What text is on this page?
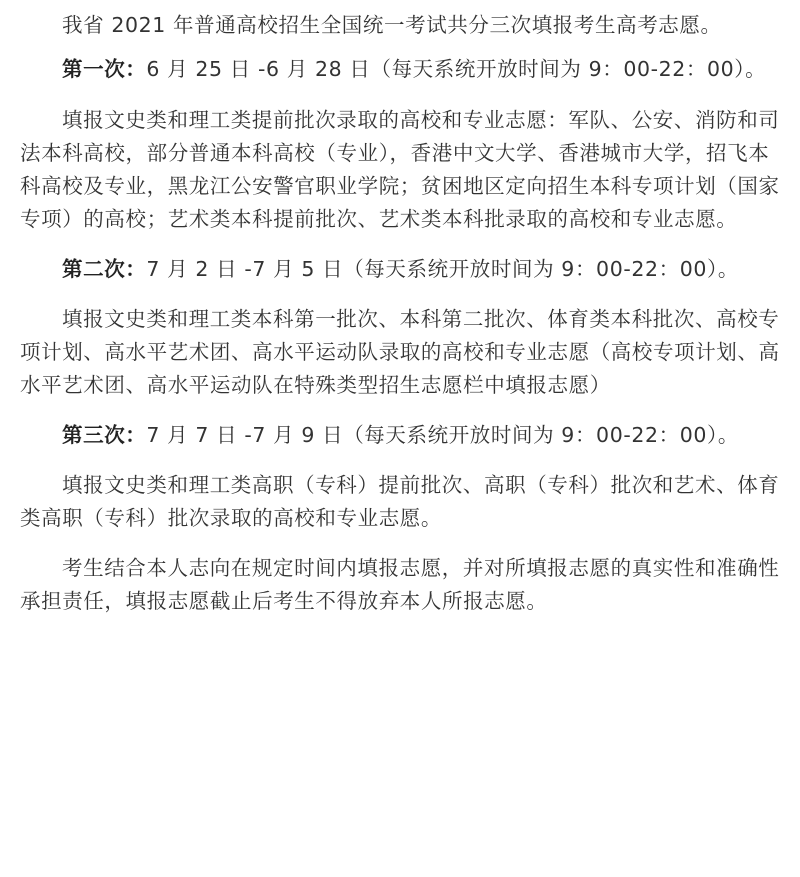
我省 2021 年普通高校招生全国统一考试共分三次填报考生高考志愿。

第一次：6 月 25 日 -6 月 28 日（每天系统开放时间为 9：00-22：00）。

填报文史类和理工类提前批次录取的高校和专业志愿：军队、公安、消防和司法本科高校，部分普通本科高校（专业），香港中文大学、香港城市大学，招飞本科高校及专业，黑龙江公安警官职业学院；贫困地区定向招生本科专项计划（国家专项）的高校；艺术类本科提前批次、艺术类本科批录取的高校和专业志愿。

第二次：7 月 2 日 -7 月 5 日（每天系统开放时间为 9：00-22：00）。

填报文史类和理工类本科第一批次、本科第二批次、体育类本科批次、高校专项计划、高水平艺术团、高水平运动队录取的高校和专业志愿（高校专项计划、高水平艺术团、高水平运动队在特殊类型招生志愿栏中填报志愿）

第三次：7 月 7 日 -7 月 9 日（每天系统开放时间为 9：00-22：00）。

填报文史类和理工类高职（专科）提前批次、高职（专科）批次和艺术、体育类高职（专科）批次录取的高校和专业志愿。

考生结合本人志向在规定时间内填报志愿，并对所填报志愿的真实性和准确性承担责任，填报志愿截止后考生不得放弃本人所报志愿。
